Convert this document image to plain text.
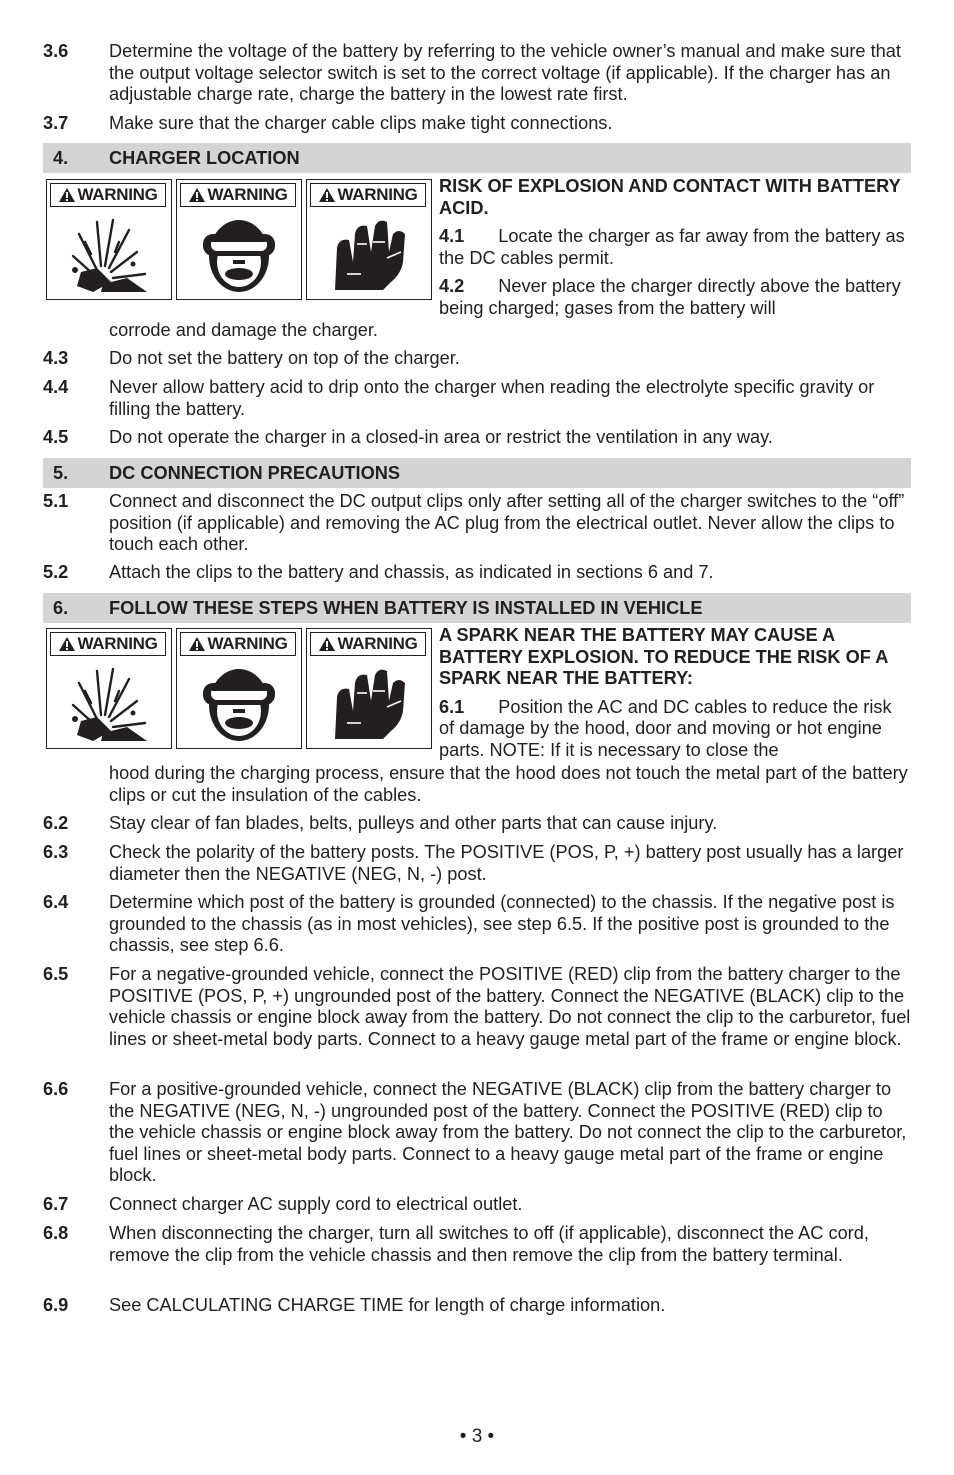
3.6 Determine the voltage of the battery by referring to the vehicle owner’s manual and make sure that the output voltage selector switch is set to the correct voltage (if applicable). If the charger has an adjustable charge rate, charge the battery in the lowest rate first.
3.7 Make sure that the charger cable clips make tight connections.
4. CHARGER LOCATION
WARNING	WARNING	WARNING RISK OF EXPLOSION AND CONTACT WITH BATTERY ACID.
4.1 Locate the charger as far away from the battery as the DC cables permit.
4.2 Never place the charger directly above the battery being charged; gases from the battery will
corrode and damage the charger.
4.3 Do not set the battery on top of the charger.
4.4 Never allow battery acid to drip onto the charger when reading the electrolyte specific gravity or filling the battery.
4.5 Do not operate the charger in a closed-in area or restrict the ventilation in any way.
5. DC CONNECTION PRECAUTIONS
5.1 Connect and disconnect the DC output clips only after setting all of the charger switches to the “off” position (if applicable) and removing the AC plug from the electrical outlet. Never allow the clips to touch each other.
5.2 Attach the clips to the battery and chassis, as indicated in sections 6 and 7.
6. FOLLOW THESE STEPS WHEN BATTERY IS INSTALLED IN VEHICLE
WARNING	WARNING	WARNING A SPARK NEAR THE BATTERY MAY CAUSE A BATTERY EXPLOSION. TO REDUCE THE RISK OF A SPARK NEAR THE BATTERY:
6.1 Position the AC and DC cables to reduce the risk of damage by the hood, door and moving or hot engine parts. NOTE: If it is necessary to close the
hood during the charging process, ensure that the hood does not touch the metal part of the battery clips or cut the insulation of the cables.
6.2 Stay clear of fan blades, belts, pulleys and other parts that can cause injury.
6.3 Check the polarity of the battery posts. The POSITIVE (POS, P, +) battery post usually has a larger diameter then the NEGATIVE (NEG, N, -) post.
6.4 Determine which post of the battery is grounded (connected) to the chassis. If the negative post is grounded to the chassis (as in most vehicles), see step 6.5. If the positive post is grounded to the chassis, see step 6.6.
6.5 For a negative-grounded vehicle, connect the POSITIVE (RED) clip from the battery charger to the POSITIVE (POS, P, +) ungrounded post of the battery. Connect the NEGATIVE (BLACK) clip to the vehicle chassis or engine block away from the battery. Do not connect the clip to the carburetor, fuel lines or sheet-metal body parts. Connect to a heavy gauge metal part of the frame or engine block.
6.6 For a positive-grounded vehicle, connect the NEGATIVE (BLACK) clip from the battery charger to the NEGATIVE (NEG, N, -) ungrounded post of the battery. Connect the POSITIVE (RED) clip to the vehicle chassis or engine block away from the battery. Do not connect the clip to the carburetor, fuel lines or sheet-metal body parts. Connect to a heavy gauge metal part of the frame or engine block.
6.7 Connect charger AC supply cord to electrical outlet.
6.8 When disconnecting the charger, turn all switches to off (if applicable), disconnect the AC cord, remove the clip from the vehicle chassis and then remove the clip from the battery terminal.
6.9 See CALCULATING CHARGE TIME for length of charge information.
• 3 •
